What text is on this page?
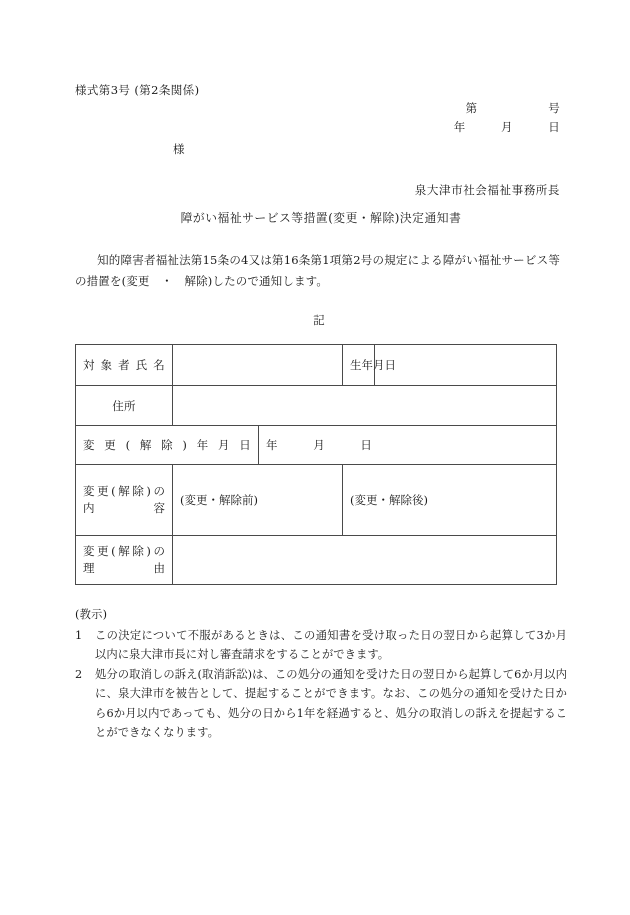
様式第3号 (第2条関係)
第　　　　　　号
年　　　月　　　日
様
泉大津市社会福祉事務所長
障がい福祉サービス等措置(変更・解除)決定通知書
知的障害者福祉法第15条の4又は第16条第1項第2号の規定による障がい福祉サービス等の措置を(変更　・　解除)したので通知します。
記
対象者氏名			生年月日	
住所				
変更(解除)年月日		年　　　月　　　日		

変更(解除)の
内容	(変更・解除前)		(変更・解除後)	

変更(解除)の
理由				

(教示)
1	この決定について不服があるときは、この通知書を受け取った日の翌日から起算して3か月以内に泉大津市長に対し審査請求をすることができます。
2	処分の取消しの訴え(取消訴訟)は、この処分の通知を受けた日の翌日から起算して6か月以内に、泉大津市を被告として、提起することができます。なお、この処分の通知を受けた日から6か月以内であっても、処分の日から1年を経過すると、処分の取消しの訴えを提起することができなくなります。
